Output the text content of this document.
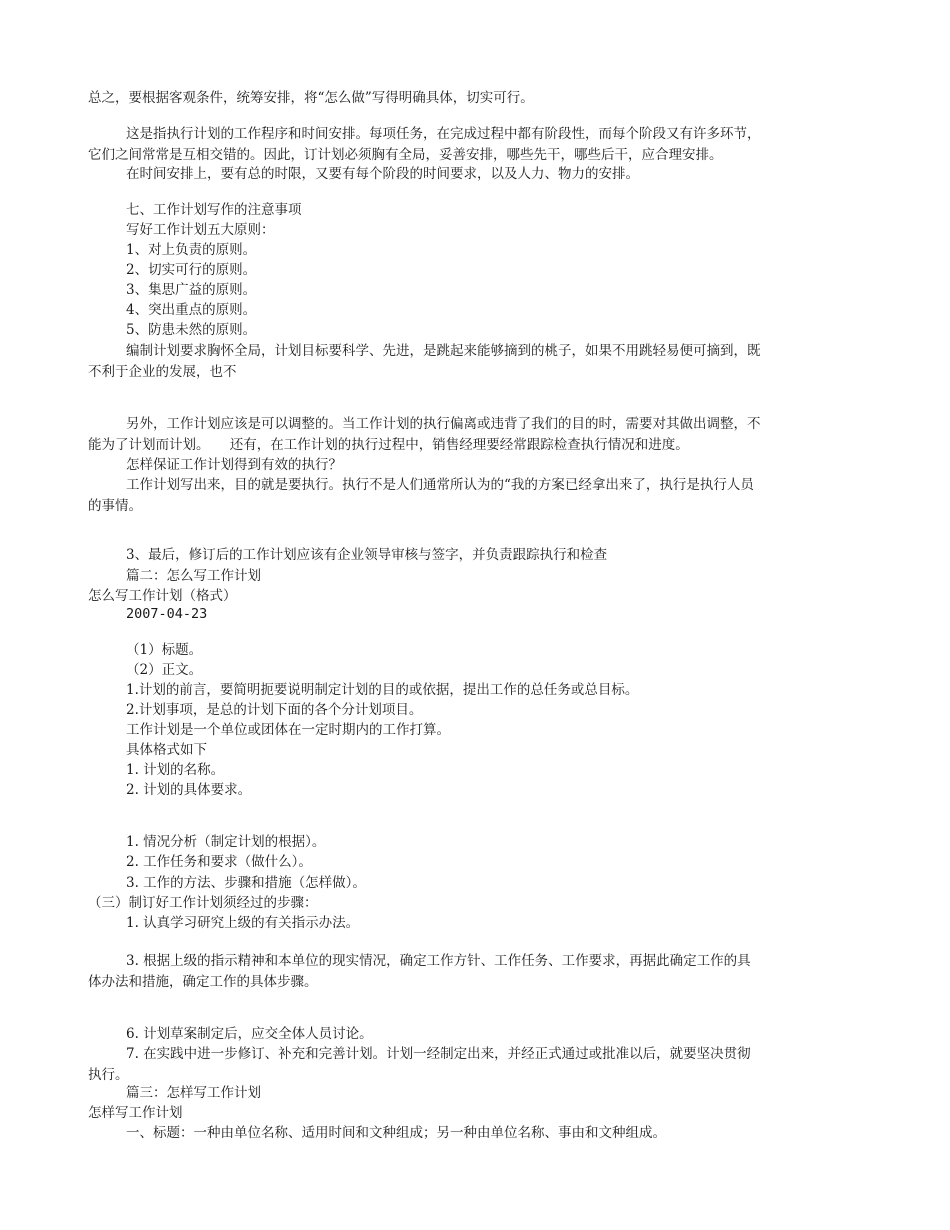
总之，要根据客观条件，统筹安排，将“怎么做”写得明确具体，切实可行。
这是指执行计划的工作程序和时间安排。每项任务，在完成过程中都有阶段性，而每个阶段又有许多环节，
它们之间常常是互相交错的。因此，订计划必须胸有全局，妥善安排，哪些先干，哪些后干，应合理安排。
在时间安排上，要有总的时限，又要有每个阶段的时间要求，以及人力、物力的安排。
七、工作计划写作的注意事项
写好工作计划五大原则：
1、对上负责的原则。
2、切实可行的原则。
3、集思广益的原则。
4、突出重点的原则。
5、防患未然的原则。
编制计划要求胸怀全局，计划目标要科学、先进，是跳起来能够摘到的桃子，如果不用跳轻易便可摘到，既
不利于企业的发展，也不
另外，工作计划应该是可以调整的。当工作计划的执行偏离或违背了我们的目的时，需要对其做出调整，不
能为了计划而计划。　　还有，在工作计划的执行过程中，销售经理要经常跟踪检查执行情况和进度。
怎样保证工作计划得到有效的执行？
工作计划写出来，目的就是要执行。执行不是人们通常所认为的“我的方案已经拿出来了，执行是执行人员
的事情。
3、最后，修订后的工作计划应该有企业领导审核与签字，并负责跟踪执行和检查
篇二：怎么写工作计划
怎么写工作计划（格式）
2007-04-23
（1）标题。
（2）正文。
1.计划的前言，要简明扼要说明制定计划的目的或依据，提出工作的总任务或总目标。
2.计划事项，是总的计划下面的各个分计划项目。
工作计划是一个单位或团体在一定时期内的工作打算。
具体格式如下
1. 计划的名称。
2. 计划的具体要求。
1. 情况分析（制定计划的根据）。
2. 工作任务和要求（做什么）。
3. 工作的方法、步骤和措施（怎样做）。
（三）制订好工作计划须经过的步骤：
1. 认真学习研究上级的有关指示办法。
3. 根据上级的指示精神和本单位的现实情况，确定工作方针、工作任务、工作要求，再据此确定工作的具
体办法和措施，确定工作的具体步骤。
6. 计划草案制定后，应交全体人员讨论。
7. 在实践中进一步修订、补充和完善计划。计划一经制定出来，并经正式通过或批准以后，就要坚决贯彻
执行。
篇三：怎样写工作计划
怎样写工作计划
一、标题：一种由单位名称、适用时间和文种组成；另一种由单位名称、事由和文种组成。
